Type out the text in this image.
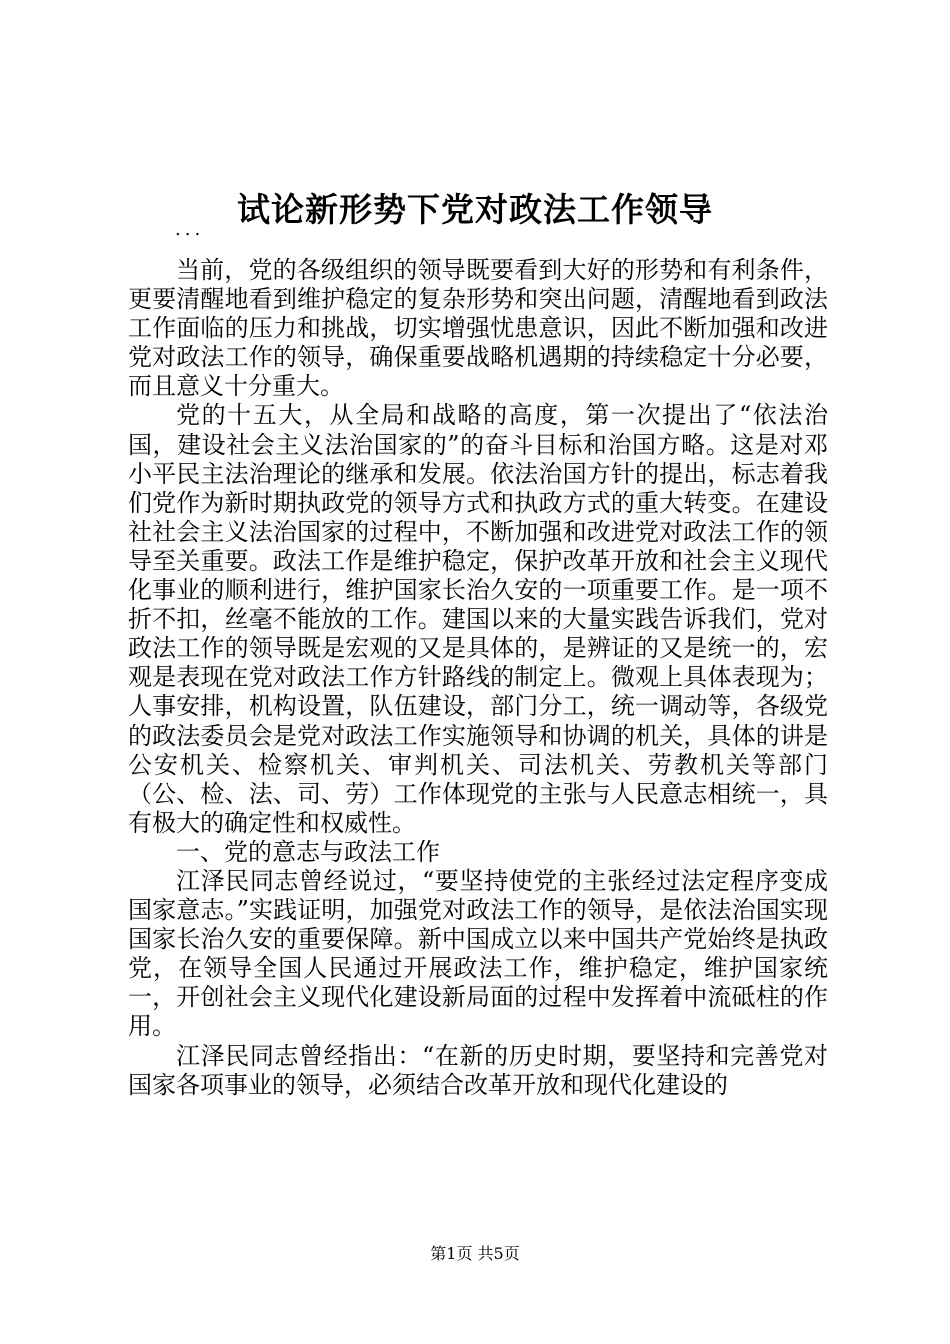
试论新形势下党对政法工作领导
...

当前，党的各级组织的领导既要看到大好的形势和有利条件，更要清醒地看到维护稳定的复杂形势和突出问题，清醒地看到政法工作面临的压力和挑战，切实增强忧患意识，因此不断加强和改进党对政法工作的领导，确保重要战略机遇期的持续稳定十分必要，而且意义十分重大。

党的十五大，从全局和战略的高度，第一次提出了“依法治国，建设社会主义法治国家的”的奋斗目标和治国方略。这是对邓小平民主法治理论的继承和发展。依法治国方针的提出，标志着我们党作为新时期执政党的领导方式和执政方式的重大转变。在建设社社会主义法治国家的过程中，不断加强和改进党对政法工作的领导至关重要。政法工作是维护稳定，保护改革开放和社会主义现代化事业的顺利进行，维护国家长治久安的一项重要工作。是一项不折不扣，丝毫不能放的工作。建国以来的大量实践告诉我们，党对政法工作的领导既是宏观的又是具体的，是辨证的又是统一的，宏观是表现在党对政法工作方针路线的制定上。微观上具体表现为；人事安排，机构设置，队伍建设，部门分工，统一调动等，各级党的政法委员会是党对政法工作实施领导和协调的机关，具体的讲是公安机关、检察机关、审判机关、司法机关、劳教机关等部门（公、检、法、司、劳）工作体现党的主张与人民意志相统一，具有极大的确定性和权威性。

一、党的意志与政法工作

江泽民同志曾经说过，“要坚持使党的主张经过法定程序变成国家意志。”实践证明，加强党对政法工作的领导，是依法治国实现国家长治久安的重要保障。新中国成立以来中国共产党始终是执政党，在领导全国人民通过开展政法工作，维护稳定，维护国家统一，开创社会主义现代化建设新局面的过程中发挥着中流砥柱的作用。

江泽民同志曾经指出：“在新的历史时期，要坚持和完善党对国家各项事业的领导，必须结合改革开放和现代化建设的

第1页 共5页
